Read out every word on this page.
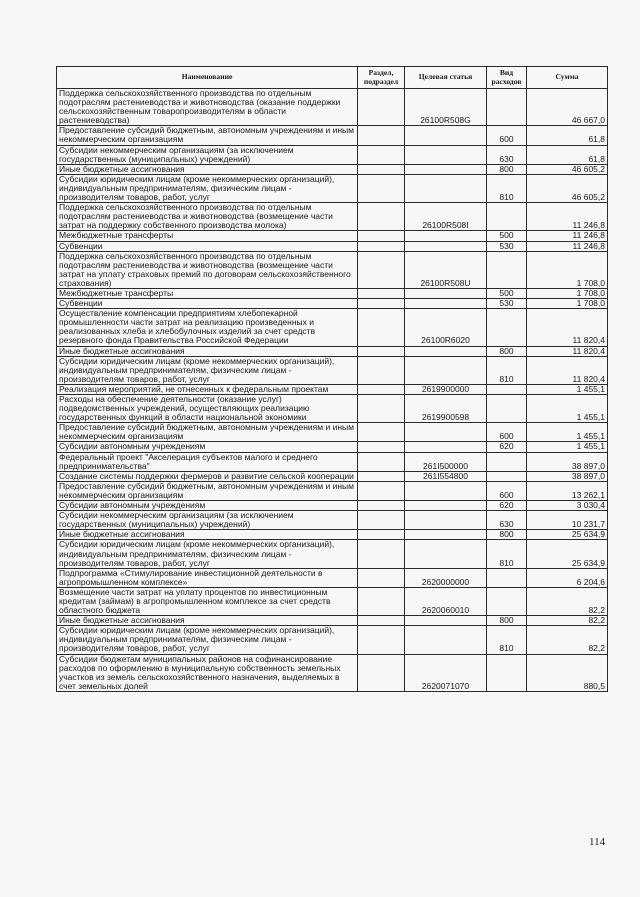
Наименование	Раздел, подраздел	Целевая статья	Вид расходов	Сумма
Поддержка сельскохозяйственного производства по отдельным подотраслям растениеводства и животноводства (оказание поддержки сельскохозяйственным товаропроизводителям в области растениеводства)		26100R508G		46 667,0
Предоставление субсидий бюджетным, автономным учреждениям и иным некоммерческим организациям			600	61,8
Субсидии некоммерческим организациям (за исключением государственных (муниципальных) учреждений)			630	61,8
Иные бюджетные ассигнования			800	46 605,2
Субсидии юридическим лицам (кроме некоммерческих организаций), индивидуальным предпринимателям, физическим лицам - производителям товаров, работ, услуг			810	46 605,2
Поддержка сельскохозяйственного производства по отдельным подотраслям растениеводства и животноводства (возмещение части затрат на поддержку собственного производства молока)		26100R508I		11 246,8
Межбюджетные трансферты			500	11 246,8
Субвенции			530	11 246,8
Поддержка сельскохозяйственного производства по отдельным подотраслям растениеводства и животноводства (возмещение части затрат на уплату страховых премий по договорам сельскохозяйственного страхования)		26100R508U		1 708,0
Межбюджетные трансферты			500	1 708,0
Субвенции			530	1 708,0
Осуществление компенсации предприятиям хлебопекарной промышленности части затрат на реализацию произведенных и реализованных хлеба и хлебобулочных изделий за счет средств резервного фонда Правительства Российской Федерации		26100R6020		11 820,4
Иные бюджетные ассигнования			800	11 820,4
Субсидии юридическим лицам (кроме некоммерческих организаций), индивидуальным предпринимателям, физическим лицам - производителям товаров, работ, услуг			810	11 820,4
Реализация мероприятий, не отнесенных к федеральным проектам		2619900000		1 455,1
Расходы на обеспечение деятельности (оказание услуг) подведомственных учреждений, осуществляющих реализацию государственных функций в области национальной экономики		2619900598		1 455,1
Предоставление субсидий бюджетным, автономным учреждениям и иным некоммерческим организациям			600	1 455,1
Субсидии автономным учреждениям			620	1 455,1
Федеральный проект "Акселерация субъектов малого и среднего предпринимательства"		261I500000		38 897,0
Создание системы поддержки фермеров и развитие сельской кооперации		261I554800		38 897,0
Предоставление субсидий бюджетным, автономным учреждениям и иным некоммерческим организациям			600	13 262,1
Субсидии автономным учреждениям			620	3 030,4
Субсидии некоммерческим организациям (за исключением государственных (муниципальных) учреждений)			630	10 231,7
Иные бюджетные ассигнования			800	25 634,9
Субсидии юридическим лицам (кроме некоммерческих организаций), индивидуальным предпринимателям, физическим лицам - производителям товаров, работ, услуг			810	25 634,9
Подпрограмма «Стимулирование инвестиционной деятельности в агропромышленном комплексе»		2620000000		6 204,6
Возмещение части затрат на уплату процентов по инвестиционным кредитам (займам) в агропромышленном комплексе за счет средств областного бюджета		2620060010		82,2
Иные бюджетные ассигнования			800	82,2
Субсидии юридическим лицам (кроме некоммерческих организаций), индивидуальным предпринимателям, физическим лицам - производителям товаров, работ, услуг			810	82,2
Субсидии бюджетам муниципальных районов на софинансирование расходов по оформлению в муниципальную собственность земельных участков из земель сельскохозяйственного назначения, выделяемых в счет земельных долей		2620071070		880,5
114
